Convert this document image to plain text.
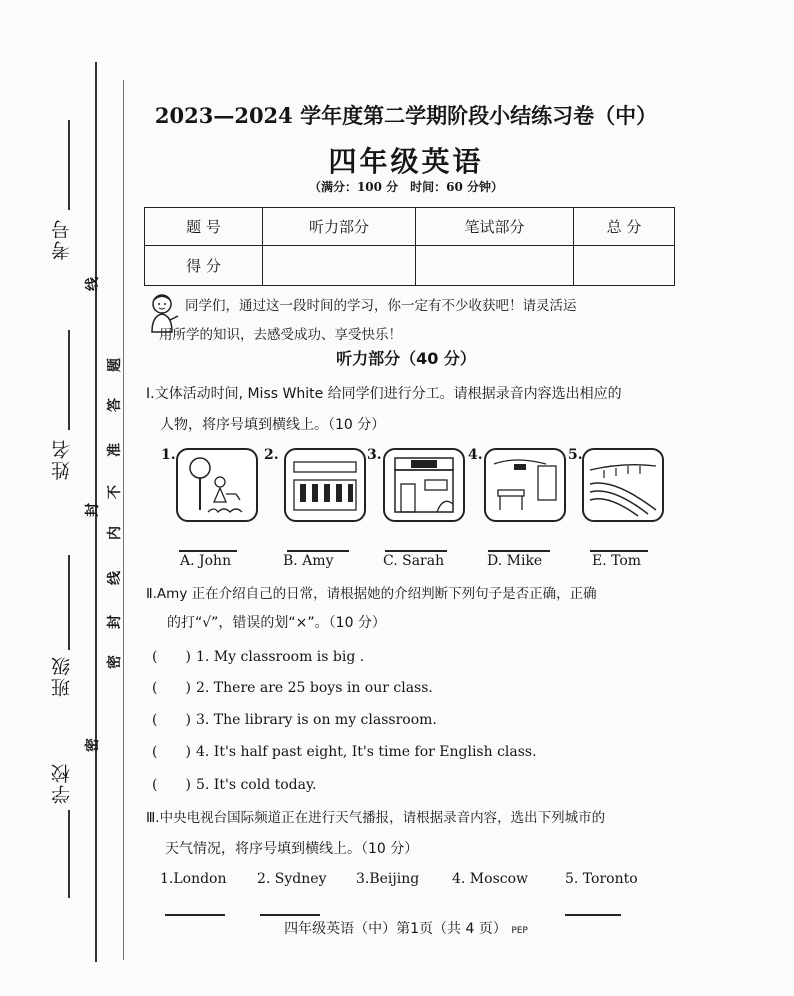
考号
姓名
班级
学校
线
题
答
准
不
内
线
封
密
封
密
2023—2024 学年度第二学期阶段小结练习卷（中）
四年级英语
（满分：100 分　时间：60 分钟）
题 号	听力部分	笔试部分	总 分
得 分			
同学们，通过这一段时间的学习，你一定有不少收获吧！请灵活运
用所学的知识，去感受成功、享受快乐！
听力部分（40 分）
Ⅰ.文体活动时间, Miss White 给同学们进行分工。请根据录音内容选出相应的
人物，将序号填到横线上。（10 分）
1.	2.	3.	4.	5.
A. John	B. Amy	C. Sarah	D. Mike	E. Tom
Ⅱ.Amy 正在介绍自己的日常，请根据她的介绍判断下列句子是否正确，正确
的打“√”，错误的划“×”。（10 分）
( ) 1. My classroom is big .
( ) 2. There are 25 boys in our class.
( ) 3. The library is on my classroom.
( ) 4. It's half past eight, It's time for English class.
( ) 5. It's cold today.
Ⅲ.中央电视台国际频道正在进行天气播报，请根据录音内容，选出下列城市的
天气情况，将序号填到横线上。（10 分）
1.London 2. Sydney 3.Beijing 4. Moscow	5. Toronto
四年级英语（中）第1页（共 4 页） PEP
